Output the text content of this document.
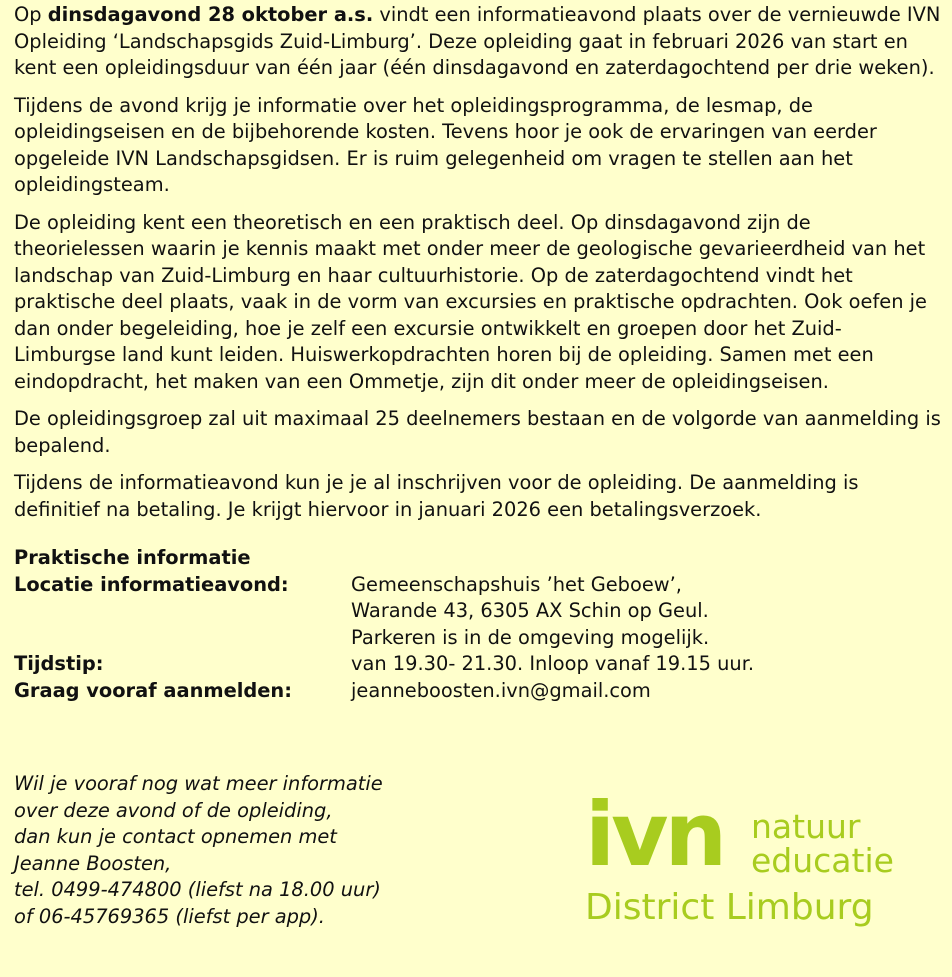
Op dinsdagavond 28 oktober a.s. vindt een informatieavond plaats over de vernieuwde IVN Opleiding ‘Landschapsgids Zuid-Limburg’. Deze opleiding gaat in februari 2026 van start en kent een opleidingsduur van één jaar (één dinsdagavond en zaterdagochtend per drie weken).

Tijdens de avond krijg je informatie over het opleidingsprogramma, de lesmap, de opleidingseisen en de bijbehorende kosten. Tevens hoor je ook de ervaringen van eerder opgeleide IVN Landschapsgidsen. Er is ruim gelegenheid om vragen te stellen aan het opleidingsteam.

De opleiding kent een theoretisch en een praktisch deel. Op dinsdagavond zijn de theorielessen waarin je kennis maakt met onder meer de geologische gevarieerdheid van het landschap van Zuid-Limburg en haar cultuurhistorie. Op de zaterdagochtend vindt het praktische deel plaats, vaak in de vorm van excursies en praktische opdrachten. Ook oefen je dan onder begeleiding, hoe je zelf een excursie ontwikkelt en groepen door het Zuid-Limburgse land kunt leiden. Huiswerkopdrachten horen bij de opleiding. Samen met een eindopdracht, het maken van een Ommetje, zijn dit onder meer de opleidingseisen.

De opleidingsgroep zal uit maximaal 25 deelnemers bestaan en de volgorde van aanmelding is bepalend.

Tijdens de informatieavond kun je je al inschrijven voor de opleiding. De aanmelding is definitief na betaling. Je krijgt hiervoor in januari 2026 een betalingsverzoek.

Praktische informatie
Locatie informatieavond:	Gemeenschapshuis ’het Geboew’,
Warande 43, 6305 AX Schin op Geul.
Parkeren is in de omgeving mogelijk.
Tijdstip:	van 19.30- 21.30. Inloop vanaf 19.15 uur.
Graag vooraf aanmelden:	jeanneboosten.ivn@gmail.com
Wil je vooraf nog wat meer informatie
over deze avond of de opleiding,
dan kun je contact opnemen met
Jeanne Boosten,
tel. 0499-474800 (liefst na 18.00 uur)
of 06-45769365 (liefst per app).
ivn natuur
educatie
District Limburg
